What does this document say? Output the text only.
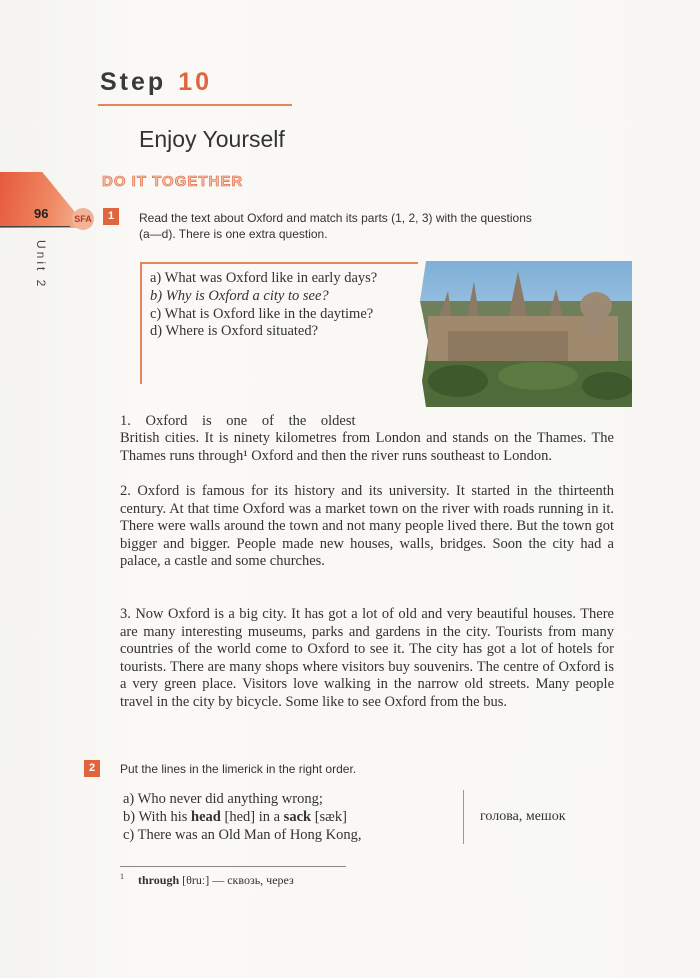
96
Unit 2
Step 10
Enjoy Yourself
DO IT TOGETHER
SFA	1	Read the text about Oxford and match its parts (1, 2, 3) with the questions
(a—d). There is one extra question.
a) What was Oxford like in early days?
b) Why is Oxford a city to see?
c) What is Oxford like in the daytime?
d) Where is Oxford situated?
1. Oxford is one of the oldest
British cities. It is ninety kilometres from London and stands on the Thames. The Thames runs through¹ Oxford and then the river runs southeast to London.
2. Oxford is famous for its history and its university. It started in the thirteenth century. At that time Oxford was a market town on the river with roads running in it. There were walls around the town and not many people lived there. But the town got bigger and bigger. People made new houses, walls, bridges. Soon the city had a palace, a castle and some churches.
3. Now Oxford is a big city. It has got a lot of old and very beautiful houses. There are many interesting museums, parks and gardens in the city. Tourists from many countries of the world come to Oxford to see it. The city has got a lot of hotels for tourists. There are many shops where visitors buy souvenirs. The centre of Oxford is a very green place. Visitors love walking in the narrow old streets. Many people travel in the city by bicycle. Some like to see Oxford from the bus.
2	Put the lines in the limerick in the right order.
a) Who never did anything wrong;
b) With his head [hed] in a sack [sæk]
c) There was an Old Man of Hong Kong,
голова, мешок
$^1$ through [θruː] — сквозь, через
